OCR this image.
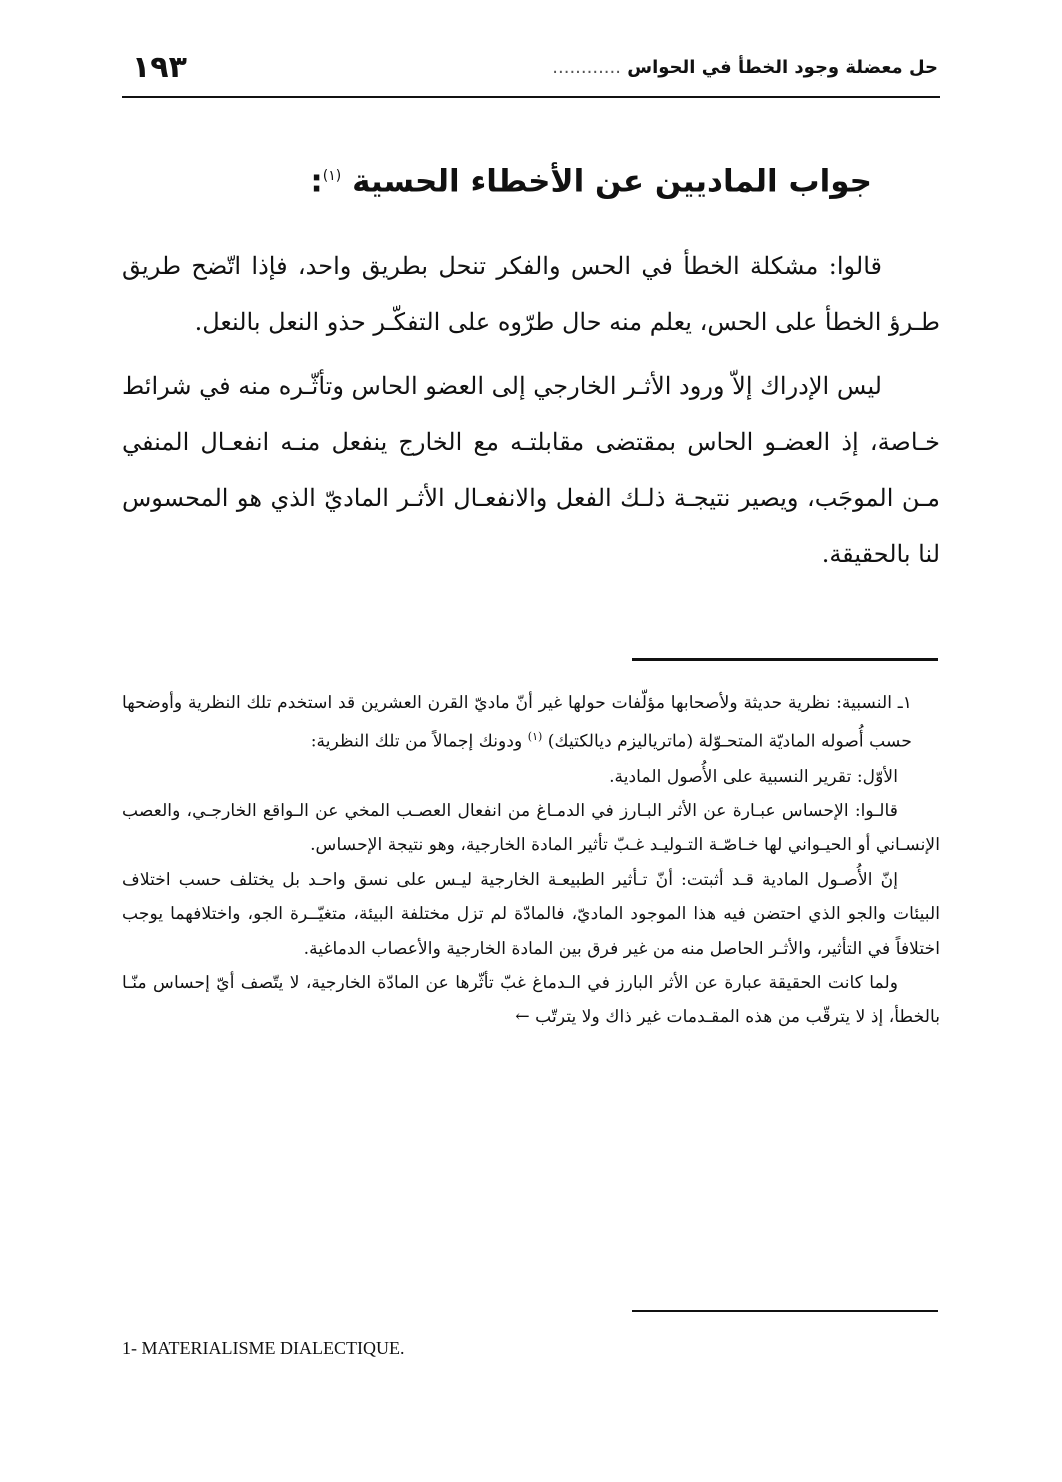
١٩٣	حل معضلة وجود الخطأ في الحواس ............
جواب الماديين عن الأخطاء الحسية $^{(١)}$:

قالوا: مشكلة الخطأ في الحس والفكر تنحل بطريق واحد، فإذا اتّضح طريق طـرؤ الخطأ على الحس، يعلم منه حال طرّوه على التفكّـر حذو النعل بالنعل.

ليس الإدراك إلاّ ورود الأثـر الخارجي إلى العضو الحاس وتأثّـره منه في شرائط خـاصة، إذ العضـو الحاس بمقتضى مقابلتـه مع الخارج ينفعل منـه انفعـال المنفي مـن الموجَب، ويصير نتيجـة ذلـك الفعل والانفعـال الأثـر الماديّ الذي هو المحسوس لنا بالحقيقة.

١ـ النسبية: نظرية حديثة ولأصحابها مؤلّفات حولها غير أنّ ماديّ القرن العشرين قد استخدم تلك النظرية وأوضحها حسب أُصوله الماديّة المتحـوّلة (ماترياليزم ديالكتيك) $^{(١)}$ ودونك إجمالاً من تلك النظرية:

الأوّل: تقرير النسبية على الأُصول المادية.

قالـوا: الإحساس عبـارة عن الأثر البـارز في الدمـاغ من انفعال العصـب المخي عن الـواقع الخارجـي، والعصب الإنسـاني أو الحيـواني لها خـاصّـة التـوليـد غـبّ تأثير المادة الخارجية، وهو نتيجة الإحساس.

إنّ الأُصـول المادية قـد أثبتت: أنّ تـأثير الطبيعـة الخارجية ليـس على نسق واحـد بل يختلف حسب اختلاف البيئات والجو الذي احتضن فيه هذا الموجود الماديّ، فالمادّة لم تزل مختلفة البيئة، متغيّــرة الجو، واختلافهما يوجب اختلافاً في التأثير، والأثـر الحاصل منه من غير فرق بين المادة الخارجية والأعصاب الدماغية.

ولما كانت الحقيقة عبارة عن الأثر البارز في الـدماغ غبّ تأثّرها عن المادّة الخارجية، لا يتّصف أيّ إحساس منّـا بالخطأ، إذ لا يترقّب من هذه المقـدمات غير ذاك ولا يترتّب ←

1- MATERIALISME DIALECTIQUE.
